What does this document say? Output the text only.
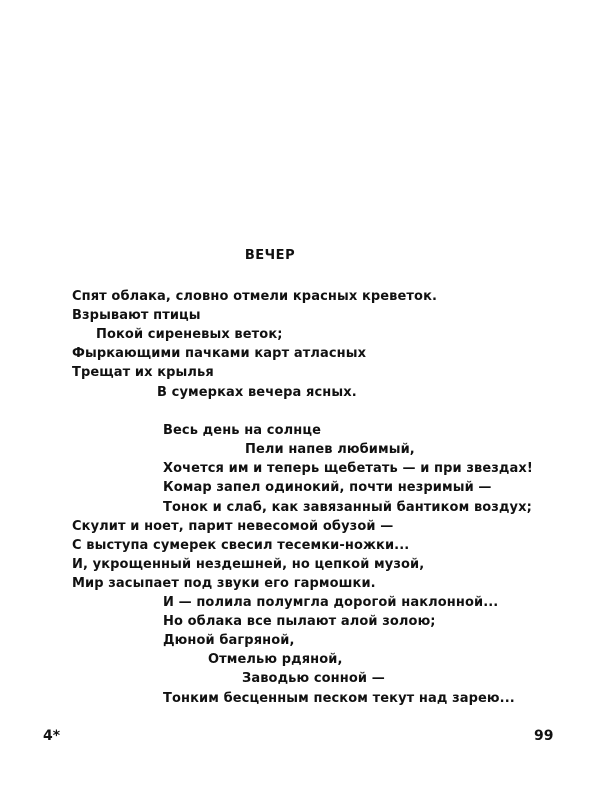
ВЕЧЕР
Спят облака, словно отмели красных креветок.
Взрывают птицы
Покой сиреневых веток;
Фыркающими пачками карт атласных
Трещат их крылья
В сумерках вечера ясных.
Весь день на солнце
Пели напев любимый,
Хочется им и теперь щебетать — и при звездах!
Комар запел одинокий, почти незримый —
Тонок и слаб, как завязанный бантиком воздух;
Скулит и ноет, парит невесомой обузой —
С выступа сумерек свесил тесемки-ножки...
И, укрощенный нездешней, но цепкой музой,
Мир засыпает под звуки его гармошки.
И — полила полумгла дорогой наклонной...
Но облака все пылают алой золою;
Дюной багряной,
Отмелью рдяной,
Заводью сонной —
Тонким бесценным песком текут над зарею...
4*	99
